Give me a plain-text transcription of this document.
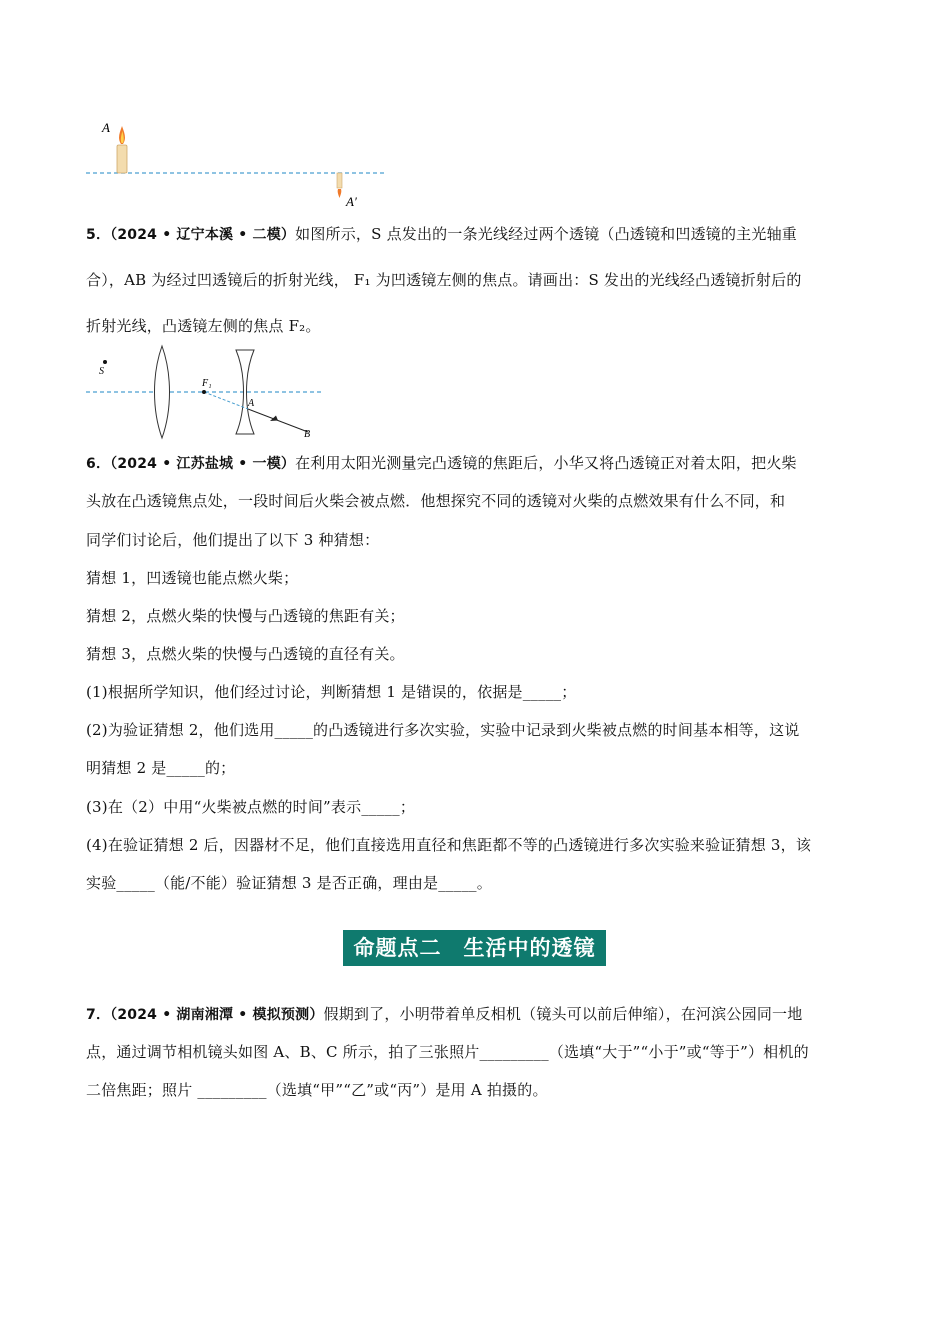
A
A′
5．（2024 • 辽宁本溪 • 二模）如图所示，S 点发出的一条光线经过两个透镜（凸透镜和凹透镜的主光轴重
合），AB 为经过凹透镜后的折射光线， F₁ 为凹透镜左侧的焦点。请画出：S 发出的光线经凸透镜折射后的
折射光线，凸透镜左侧的焦点 F₂。
S
F₁
A
B
6．（2024 • 江苏盐城 • 一模）在利用太阳光测量完凸透镜的焦距后，小华又将凸透镜正对着太阳，把火柴
头放在凸透镜焦点处，一段时间后火柴会被点燃．他想探究不同的透镜对火柴的点燃效果有什么不同，和
同学们讨论后，他们提出了以下 3 种猜想：
猜想 1，凹透镜也能点燃火柴；
猜想 2，点燃火柴的快慢与凸透镜的焦距有关；
猜想 3，点燃火柴的快慢与凸透镜的直径有关。
(1)根据所学知识，他们经过讨论，判断猜想 1 是错误的，依据是_____；
(2)为验证猜想 2，他们选用_____的凸透镜进行多次实验，实验中记录到火柴被点燃的时间基本相等，这说
明猜想 2 是_____的；
(3)在（2）中用“火柴被点燃的时间”表示_____；
(4)在验证猜想 2 后，因器材不足，他们直接选用直径和焦距都不等的凸透镜进行多次实验来验证猜想 3，该
实验_____（能/不能）验证猜想 3 是否正确，理由是_____。
命题点二 生活中的透镜
7．（2024 • 湖南湘潭 • 模拟预测）假期到了，小明带着单反相机（镜头可以前后伸缩），在河滨公园同一地
点，通过调节相机镜头如图 A、B、C 所示，拍了三张照片_________（选填“大于”“小于”或“等于”）相机的
二倍焦距；照片 _________（选填“甲”“乙”或“丙”）是用 A 拍摄的。
